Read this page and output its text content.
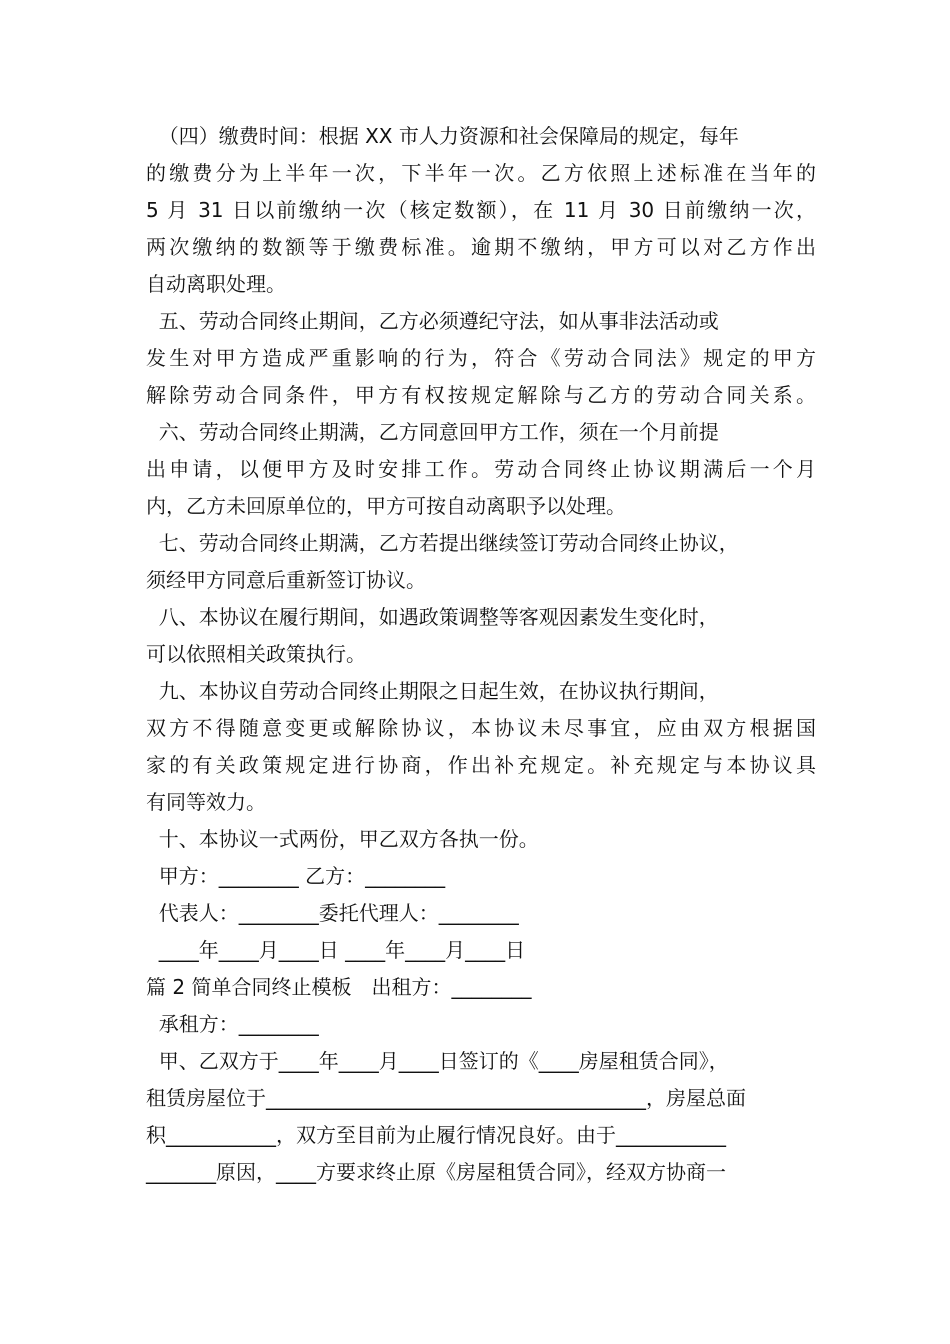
（四）缴费时间：根据 XX 市人力资源和社会保障局的规定，每年
的缴费分为上半年一次，下半年一次。乙方依照上述标准在当年的
5 月 31 日以前缴纳一次（核定数额），在 11 月 30 日前缴纳一次，
两次缴纳的数额等于缴费标准。逾期不缴纳，甲方可以对乙方作出
自动离职处理。
五、劳动合同终止期间，乙方必须遵纪守法，如从事非法活动或
发生对甲方造成严重影响的行为，符合《劳动合同法》规定的甲方
解除劳动合同条件，甲方有权按规定解除与乙方的劳动合同关系。
六、劳动合同终止期满，乙方同意回甲方工作，须在一个月前提
出申请，以便甲方及时安排工作。劳动合同终止协议期满后一个月
内，乙方未回原单位的，甲方可按自动离职予以处理。
七、劳动合同终止期满，乙方若提出继续签订劳动合同终止协议，
须经甲方同意后重新签订协议。
八、本协议在履行期间，如遇政策调整等客观因素发生变化时，
可以依照相关政策执行。
九、本协议自劳动合同终止期限之日起生效，在协议执行期间，
双方不得随意变更或解除协议，本协议未尽事宜，应由双方根据国
家的有关政策规定进行协商，作出补充规定。补充规定与本协议具
有同等效力。
十、本协议一式两份，甲乙双方各执一份。
甲方：________ 乙方：________
代表人：________委托代理人：________
____年____月____日 ____年____月____日
篇 2 简单合同终止模板　出租方：________
承租方：________
甲、乙双方于____年____月____日签订的《____房屋租赁合同》，
租赁房屋位于______________________________________，房屋总面
积___________，双方至目前为止履行情况良好。由于___________
_______原因，____方要求终止原《房屋租赁合同》，经双方协商一
